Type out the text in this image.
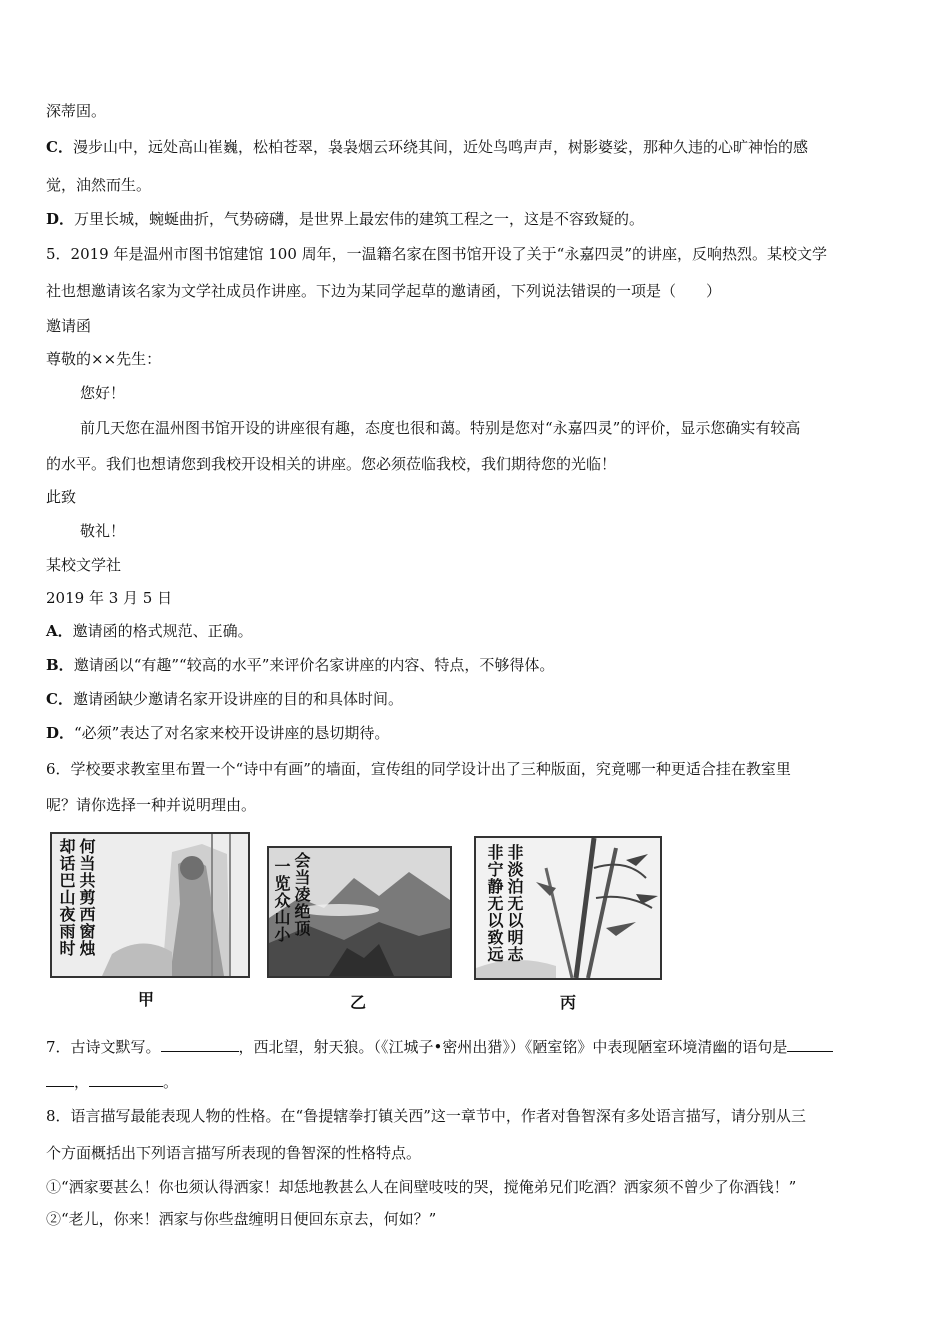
深蒂固。
C．漫步山中，远处高山崔巍，松柏苍翠，袅袅烟云环绕其间，近处鸟鸣声声，树影婆娑，那种久违的心旷神怡的感
觉，油然而生。
D．万里长城，蜿蜒曲折，气势磅礴，是世界上最宏伟的建筑工程之一，这是不容致疑的。
5．2019 年是温州市图书馆建馆 100 周年，一温籍名家在图书馆开设了关于“永嘉四灵”的讲座，反响热烈。某校文学
社也想邀请该名家为文学社成员作讲座。下边为某同学起草的邀请函，下列说法错误的一项是（　　）
邀请函
尊敬的××先生：
您好！
前几天您在温州图书馆开设的讲座很有趣，态度也很和蔼。特别是您对“永嘉四灵”的评价，显示您确实有较高
的水平。我们也想请您到我校开设相关的讲座。您必须莅临我校，我们期待您的光临！
此致
敬礼！
某校文学社
2019 年 3 月 5 日
A．邀请函的格式规范、正确。
B．邀请函以“有趣”“较高的水平”来评价名家讲座的内容、特点，不够得体。
C．邀请函缺少邀请名家开设讲座的目的和具体时间。
D．“必须”表达了对名家来校开设讲座的恳切期待。
6．学校要求教室里布置一个“诗中有画”的墙面，宣传组的同学设计出了三种版面，究竟哪一种更适合挂在教室里
呢？请你选择一种并说明理由。
何当共剪西窗烛
却话巴山夜雨时
甲
会当凌绝顶
一览众山小
乙
非淡泊无以明志
非宁静无以致远
丙
7．古诗文默写。	，西北望，射天狼。（《江城子•密州出猎》）《陋室铭》中表现陋室环境清幽的语句是
，	。
8．语言描写最能表现人物的性格。在“鲁提辖拳打镇关西”这一章节中，作者对鲁智深有多处语言描写，请分别从三
个方面概括出下列语言描写所表现的鲁智深的性格特点。
①“洒家要甚么！你也须认得洒家！却恁地教甚么人在间壁吱吱的哭，搅俺弟兄们吃酒？洒家须不曾少了你酒钱！”
②“老儿，你来！洒家与你些盘缠明日便回东京去，何如？”
